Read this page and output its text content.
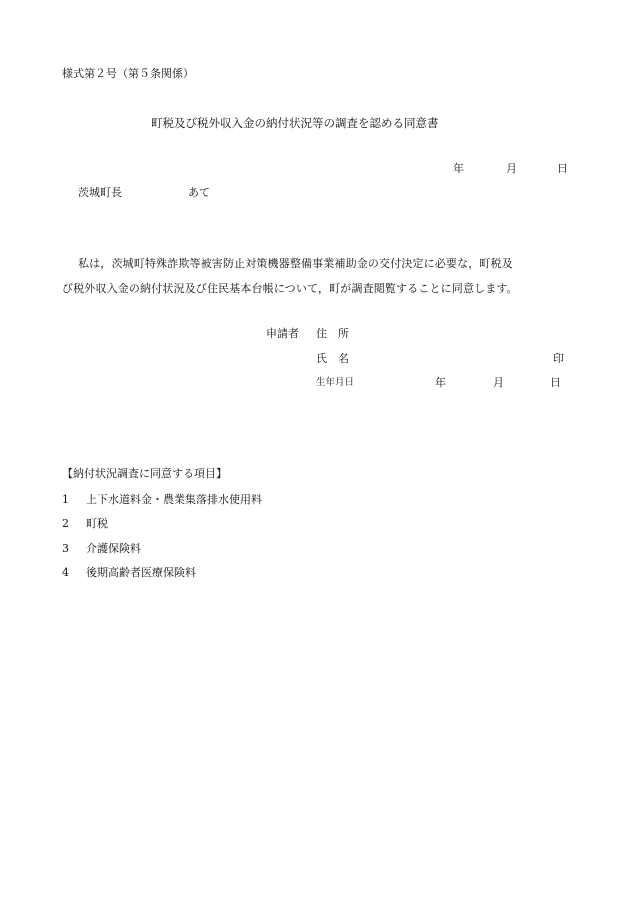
様式第２号（第５条関係）
町税及び税外収入金の納付状況等の調査を認める同意書
年	月	日
茨城町長	あて
私は，茨城町特殊詐欺等被害防止対策機器整備事業補助金の交付決定に必要な，町税及
び税外収入金の納付状況及び住民基本台帳について，町が調査閲覧することに同意します。
申請者 住　所
氏　名	印
生年月日	年	月	日
【納付状況調査に同意する項目】
1 上下水道料金・農業集落排水使用料
2 町税
3 介護保険料
4 後期高齢者医療保険料
